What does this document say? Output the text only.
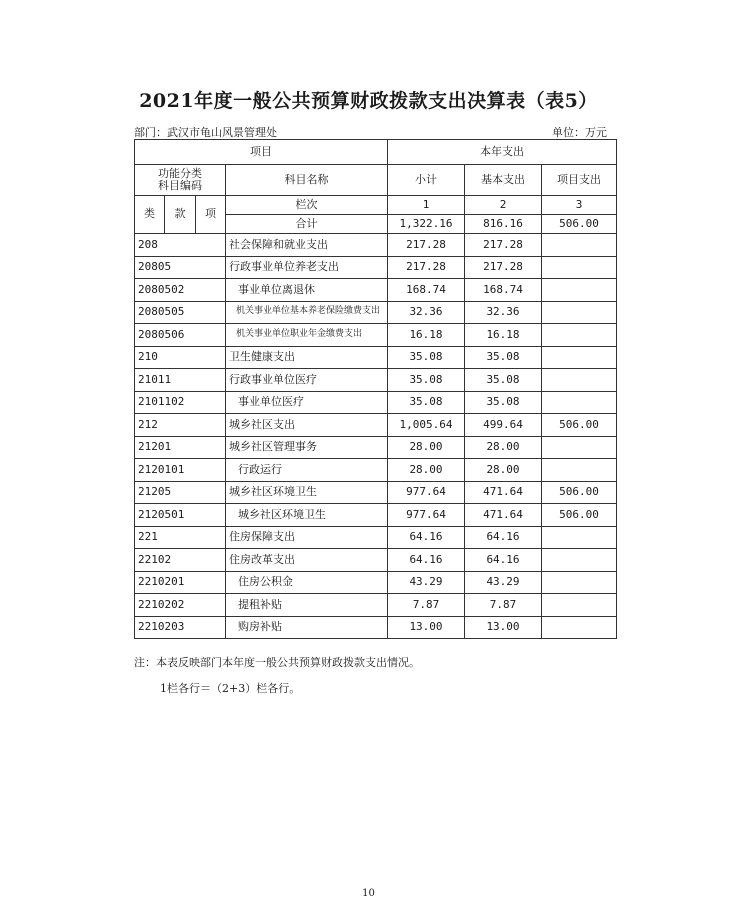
2021年度一般公共预算财政拨款支出决算表（表5）
部门：武汉市龟山风景管理处	单位：万元
项目				本年支出		

功能分类
科目编码			科目名称	小计	基本支出	项目支出
类	款	项	栏次	1	2	3
			合计	1,322.16	816.16	506.00
208			社会保障和就业支出	217.28	217.28	
20805			行政事业单位养老支出	217.28	217.28	
2080502			事业单位离退休	168.74	168.74	
2080505			机关事业单位基本养老保险缴费支出	32.36	32.36	
2080506			机关事业单位职业年金缴费支出	16.18	16.18	
210			卫生健康支出	35.08	35.08	
21011			行政事业单位医疗	35.08	35.08	
2101102			事业单位医疗	35.08	35.08	
212			城乡社区支出	1,005.64	499.64	506.00
21201			城乡社区管理事务	28.00	28.00	
2120101			行政运行	28.00	28.00	
21205			城乡社区环境卫生	977.64	471.64	506.00
2120501			城乡社区环境卫生	977.64	471.64	506.00
221			住房保障支出	64.16	64.16	
22102			住房改革支出	64.16	64.16	
2210201			住房公积金	43.29	43.29	
2210202			提租补贴	7.87	7.87	
2210203			购房补贴	13.00	13.00	
注：本表反映部门本年度一般公共预算财政拨款支出情况。
1栏各行＝（2+3）栏各行。
10
